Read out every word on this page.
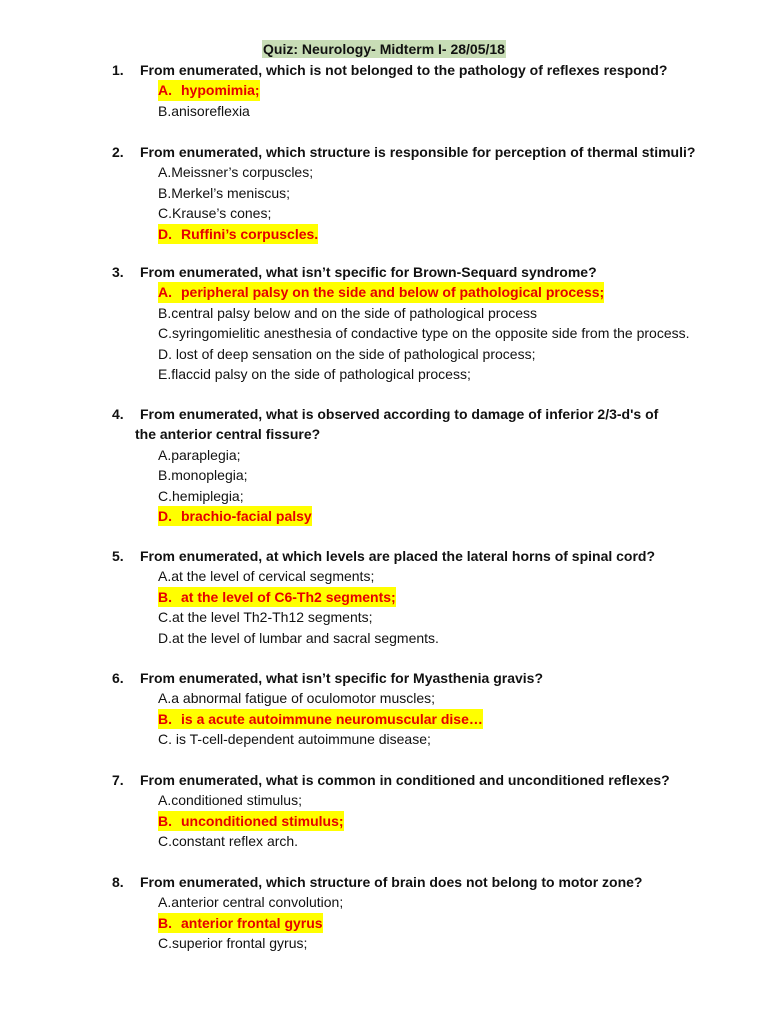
Quiz: Neurology- Midterm I- 28/05/18
1.	From enumerated, which is not belonged to the pathology of reflexes respond?
A. hypomimia;
B.anisoreflexia
2.	From enumerated, which structure is responsible for perception of thermal stimuli?
A.Meissner’s corpuscles;
B.Merkel’s meniscus;
C.Krause’s cones;
D. Ruffini’s corpuscles.
3.	From enumerated, what isn’t specific for Brown-Sequard syndrome?
A. peripheral palsy on the side and below of pathological process;
B.central palsy below and on the side of pathological process
C.syringomielitic anesthesia of condactive type on the opposite side from the process.
D. lost of deep sensation on the side of pathological process;
E.flaccid palsy on the side of pathological process;
4.	From enumerated, what is observed according to damage of inferior 2/3-d's of
the anterior central fissure?
A.paraplegia;
B.monoplegia;
C.hemiplegia;
D. brachio-facial palsy
5.	From enumerated, at which levels are placed the lateral horns of spinal cord?
A.at the level of cervical segments;
B. at the level of C6-Th2 segments;
C.at the level Th2-Th12 segments;
D.at the level of lumbar and sacral segments.
6.	From enumerated, what isn’t specific for Myasthenia gravis?
A.a abnormal fatigue of oculomotor muscles;
B. is a acute autoimmune neuromuscular dise…
C. is T-cell-dependent autoimmune disease;
7.	From enumerated, what is common in conditioned and unconditioned reflexes?
A.conditioned stimulus;
B. unconditioned stimulus;
C.constant reflex arch.
8.	From enumerated, which structure of brain does not belong to motor zone?
A.anterior central convolution;
B. anterior frontal gyrus
C.superior frontal gyrus;
